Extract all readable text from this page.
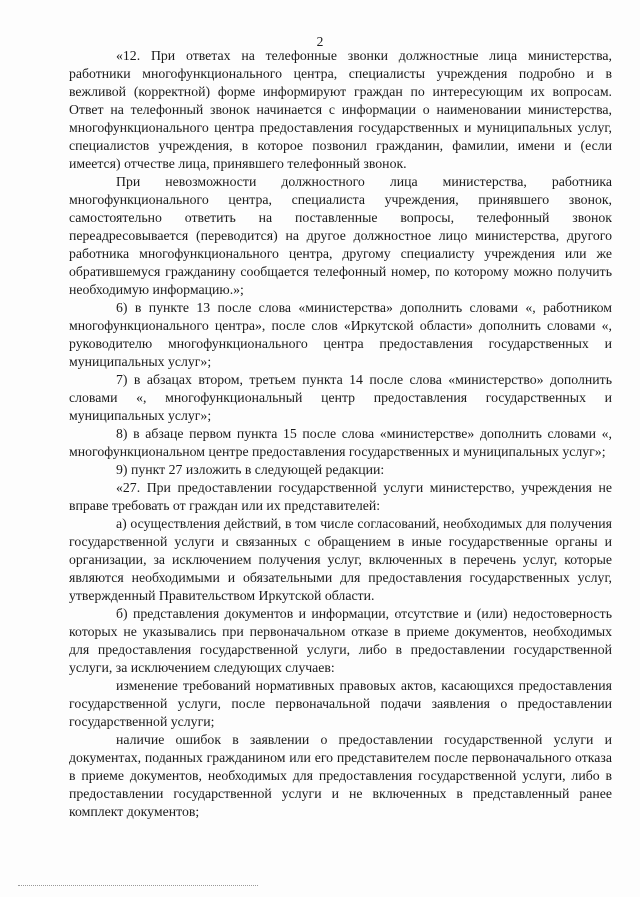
2

«12. При ответах на телефонные звонки должностные лица министерства, работники многофункционального центра, специалисты учреждения подробно и в вежливой (корректной) форме информируют граждан по интересующим их вопросам. Ответ на телефонный звонок начинается с информации о наименовании министерства, многофункционального центра предоставления государственных и муниципальных услуг, специалистов учреждения, в которое позвонил гражданин, фамилии, имени и (если имеется) отчестве лица, принявшего телефонный звонок.

При невозможности должностного лица министерства, работника многофункционального центра, специалиста учреждения, принявшего звонок, самостоятельно ответить на поставленные вопросы, телефонный звонок переадресовывается (переводится) на другое должностное лицо министерства, другого работника многофункционального центра, другому специалисту учреждения или же обратившемуся гражданину сообщается телефонный номер, по которому можно получить необходимую информацию.»;

6) в пункте 13 после слова «министерства» дополнить словами «, работником многофункционального центра», после слов «Иркутской области» дополнить словами «, руководителю многофункционального центра предоставления государственных и муниципальных услуг»;

7) в абзацах втором, третьем пункта 14 после слова «министерство» дополнить словами «, многофункциональный центр предоставления государственных и муниципальных услуг»;

8) в абзаце первом пункта 15 после слова «министерстве» дополнить словами «, многофункциональном центре предоставления государственных и муниципальных услуг»;

9) пункт 27 изложить в следующей редакции:

«27. При предоставлении государственной услуги министерство, учреждения не вправе требовать от граждан или их представителей:

а) осуществления действий, в том числе согласований, необходимых для получения государственной услуги и связанных с обращением в иные государственные органы и организации, за исключением получения услуг, включенных в перечень услуг, которые являются необходимыми и обязательными для предоставления государственных услуг, утвержденный Правительством Иркутской области.

б) представления документов и информации, отсутствие и (или) недостоверность которых не указывались при первоначальном отказе в приеме документов, необходимых для предоставления государственной услуги, либо в предоставлении государственной услуги, за исключением следующих случаев:

изменение требований нормативных правовых актов, касающихся предоставления государственной услуги, после первоначальной подачи заявления о предоставлении государственной услуги;

наличие ошибок в заявлении о предоставлении государственной услуги и документах, поданных гражданином или его представителем после первоначального отказа в приеме документов, необходимых для предоставления государственной услуги, либо в предоставлении государственной услуги и не включенных в представленный ранее комплект документов;
